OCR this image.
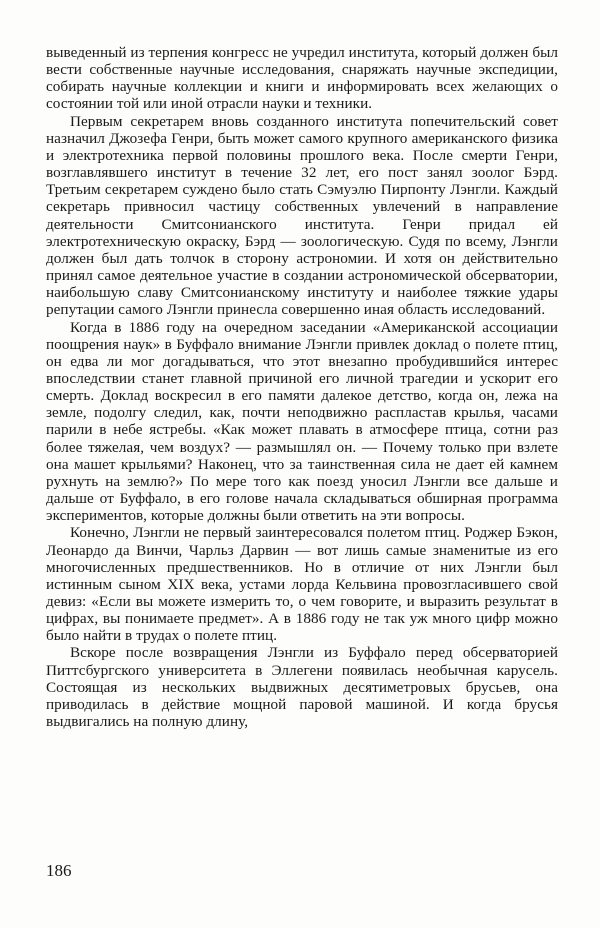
выведенный из терпения конгресс не учредил института, который должен был вести собственные научные исследования, снаряжать научные экспедиции, собирать научные коллекции и книги и информировать всех желающих о состоянии той или иной отрасли науки и техники.

Первым секретарем вновь созданного института попечительский совет назначил Джозефа Генри, быть может самого крупного американского физика и электротехника первой половины прошлого века. После смерти Генри, возглавлявшего институт в течение 32 лет, его пост занял зоолог Бэрд. Третьим секретарем суждено было стать Сэмуэлю Пирпонту Лэнгли. Каждый секретарь привносил частицу собственных увлечений в направление деятельности Смитсонианского института. Генри придал ей электротехническую окраску, Бэрд — зоологическую. Судя по всему, Лэнгли должен был дать толчок в сторону астрономии. И хотя он действительно принял самое деятельное участие в создании астрономической обсерватории, наибольшую славу Смитсонианскому институту и наиболее тяжкие удары репутации самого Лэнгли принесла совершенно иная область исследований.

Когда в 1886 году на очередном заседании «Американской ассоциации поощрения наук» в Буффало внимание Лэнгли привлек доклад о полете птиц, он едва ли мог догадываться, что этот внезапно пробудившийся интерес впоследствии станет главной причиной его личной трагедии и ускорит его смерть. Доклад воскресил в его памяти далекое детство, когда он, лежа на земле, подолгу следил, как, почти неподвижно распластав крылья, часами парили в небе ястребы. «Как может плавать в атмосфере птица, сотни раз более тяжелая, чем воздух? — размышлял он. — Почему только при взлете она машет крыльями? Наконец, что за таинственная сила не дает ей камнем рухнуть на землю?» По мере того как поезд уносил Лэнгли все дальше и дальше от Буффало, в его голове начала складываться обширная программа экспериментов, которые должны были ответить на эти вопросы.

Конечно, Лэнгли не первый заинтересовался полетом птиц. Роджер Бэкон, Леонардо да Винчи, Чарльз Дарвин — вот лишь самые знаменитые из его многочисленных предшественников. Но в отличие от них Лэнгли был истинным сыном XIX века, устами лорда Кельвина провозгласившего свой девиз: «Если вы можете измерить то, о чем говорите, и выразить результат в цифрах, вы понимаете предмет». А в 1886 году не так уж много цифр можно было найти в трудах о полете птиц.

Вскоре после возвращения Лэнгли из Буффало перед обсерваторией Питтсбургского университета в Эллегени появилась необычная карусель. Состоящая из нескольких выдвижных десятиметровых брусьев, она приводилась в действие мощной паровой машиной. И когда брусья выдвигались на полную длину,

186
